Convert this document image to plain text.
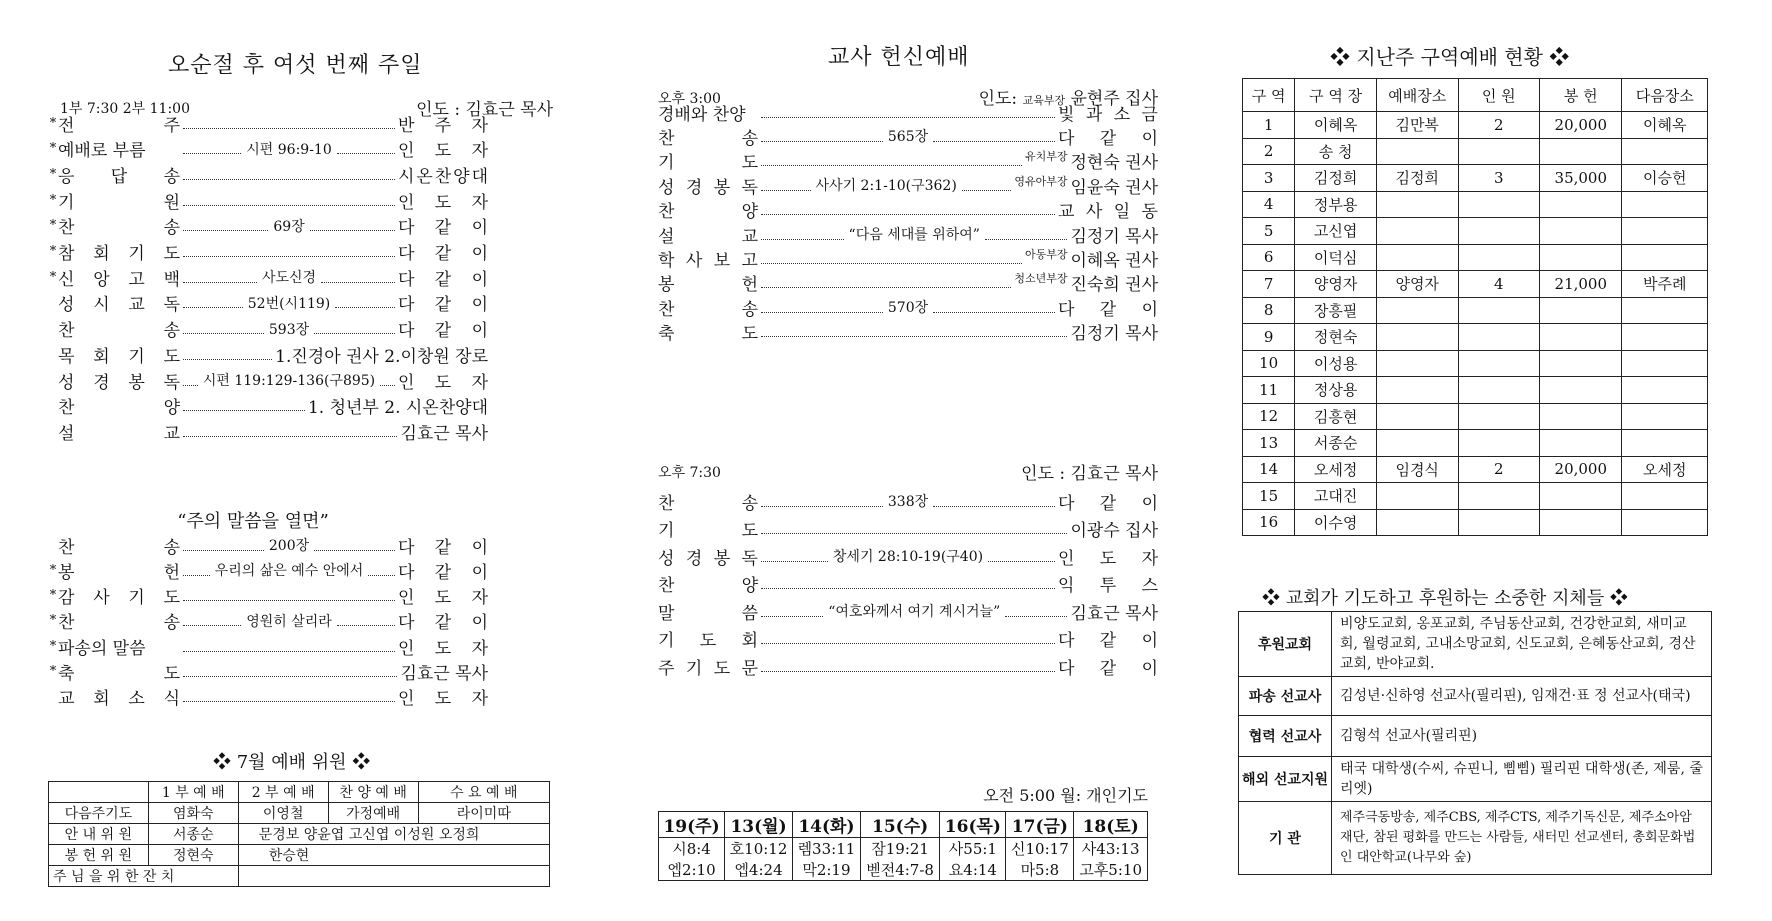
오순절 후 여섯 번째 주일
1부 7:30 2부 11:00	인도 : 김효근 목사
* 전	주	반 주 자
* 예배로 부름	시편 96:9-10	인 도 자
* 응 답 송	시 온 찬 양 대
* 기	원	인 도 자
* 찬	송	69장	다 같 이
* 참 회 기 도	다 같 이
* 신 앙 고 백	사도신경	다 같 이
성 시 교 독	52번(시119)	다 같 이
찬	송	593장	다 같 이
목 회 기 도	1.진경아 권사 2.이창원 장로
성 경 봉 독 시편 119:129-136(구895) 인 도 자
찬	양	1. 청년부 2. 시온찬양대
설	교	김효근 목사
“주의 말씀을 열면”
찬	송	200장	다 같 이
* 봉	헌 우리의 삶은 예수 안에서 다 같 이
* 감 사 기 도	인 도 자
* 찬	송	영원히 살리라	다 같 이
* 파송의 말씀	인 도 자
* 축	도	김효근 목사
교 회 소 식	인 도 자
❖ 7월 예배 위원 ❖
	1 부 예 배	2 부 예 배	찬 양 예 배	수 요 예 배
다음주기도	염화숙	이영철	가정예배	라이미따
안 내 위 원	서종순	문경보 양윤엽 고신엽 이성원 오정희		
봉 헌 위 원	정현숙	한승현		
주 님 을 위 한 잔 치				
교사 헌신예배
오후 3:00	인도: 교육부장 윤현주 집사
경배와 찬양	빛 과 소 금
찬	송	565장	다 같 이
기	도	유치부장 정현숙 권사
성 경 봉 독	사사기 2:1-10(구362)	영유아부장 임윤숙 권사
찬	양	교 사 일 동
설	교	“다음 세대를 위하여”	김정기 목사
학 사 보 고	아동부장 이혜옥 권사
봉	헌	청소년부장 진숙희 권사
찬	송	570장	다 같 이
축	도	김정기 목사
오후 7:30	인도 : 김효근 목사
찬	송	338장	다 같 이
기	도	이광수 집사
성 경 봉 독	창세기 28:10-19(구40)	인 도 자
찬	양	익 투 스
말	씀	“여호와께서 여기 계시거늘”	김효근 목사
기 도 회	다 같 이
주 기 도 문	다 같 이
오전 5:00 월: 개인기도
19(주)	13(월)	14(화)	15(수)	16(목)	17(금)	18(토)
시8:4	호10:12	렘33:11	잠19:21	사55:1	신10:17	사43:13
엡2:10	엡4:24	막2:19	벧전4:7-8	요4:14	마5:8	고후5:10
❖ 지난주 구역예배 현황 ❖
구 역	구 역 장	예배장소	인 원	봉 헌	다음장소
1	이혜옥	김만복	2	20,000	이혜옥
2	송 청				
3	김정희	김정희	3	35,000	이승헌
4	정부용				
5	고신엽				
6	이덕심				
7	양영자	양영자	4	21,000	박주례
8	장흥필				
9	정현숙				
10	이성용				
11	정상용				
12	김흥현				
13	서종순				
14	오세정	임경식	2	20,000	오세정
15	고대진				
16	이수영				
❖ 교회가 기도하고 후원하는 소중한 지체들 ❖
후원교회	비양도교회, 옹포교회, 주님동산교회, 건강한교회, 새미교회, 월령교회, 고내소망교회, 신도교회, 은혜동산교회, 경산교회, 반야교회.
파송 선교사	김성년·신하영 선교사(필리핀), 임재건·표 정 선교사(태국)
협력 선교사	김형석 선교사(필리핀)
해외 선교지원	태국 대학생(수씨, 슈핀니, 삠삠) 필리핀 대학생(존, 제룸, 줄리엣)
기 관	제주극동방송, 제주CBS, 제주CTS, 제주기독신문, 제주소아암재단, 참된 평화를 만드는 사람들, 새터민 선교센터, 총회문화법인 대안학교(나무와 숲)
